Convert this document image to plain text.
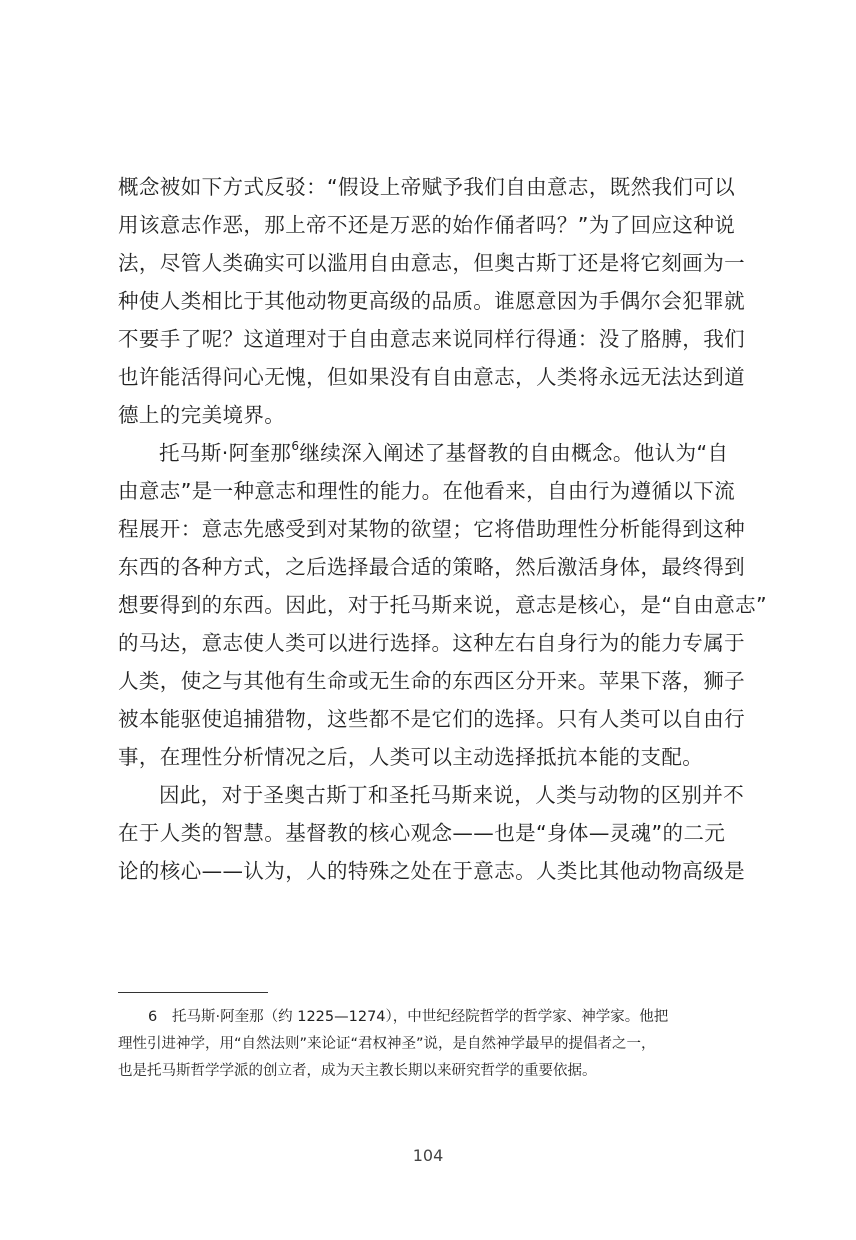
概念被如下方式反驳：“假设上帝赋予我们自由意志，既然我们可以
用该意志作恶，那上帝不还是万恶的始作俑者吗？”为了回应这种说
法，尽管人类确实可以滥用自由意志，但奥古斯丁还是将它刻画为一
种使人类相比于其他动物更高级的品质。谁愿意因为手偶尔会犯罪就
不要手了呢？这道理对于自由意志来说同样行得通：没了胳膊，我们
也许能活得问心无愧，但如果没有自由意志，人类将永远无法达到道
德上的完美境界。
托马斯·阿奎那$^6$继续深入阐述了基督教的自由概念。他认为“自
由意志”是一种意志和理性的能力。在他看来，自由行为遵循以下流
程展开：意志先感受到对某物的欲望；它将借助理性分析能得到这种
东西的各种方式，之后选择最合适的策略，然后激活身体，最终得到
想要得到的东西。因此，对于托马斯来说，意志是核心，是“自由意志”
的马达，意志使人类可以进行选择。这种左右自身行为的能力专属于
人类，使之与其他有生命或无生命的东西区分开来。苹果下落，狮子
被本能驱使追捕猎物，这些都不是它们的选择。只有人类可以自由行
事，在理性分析情况之后，人类可以主动选择抵抗本能的支配。
因此，对于圣奥古斯丁和圣托马斯来说，人类与动物的区别并不
在于人类的智慧。基督教的核心观念——也是“身体—灵魂”的二元
论的核心——认为，人的特殊之处在于意志。人类比其他动物高级是
6 托马斯·阿奎那（约 1225—1274），中世纪经院哲学的哲学家、神学家。他把
理性引进神学，用“自然法则”来论证“君权神圣”说，是自然神学最早的提倡者之一，
也是托马斯哲学学派的创立者，成为天主教长期以来研究哲学的重要依据。
104
